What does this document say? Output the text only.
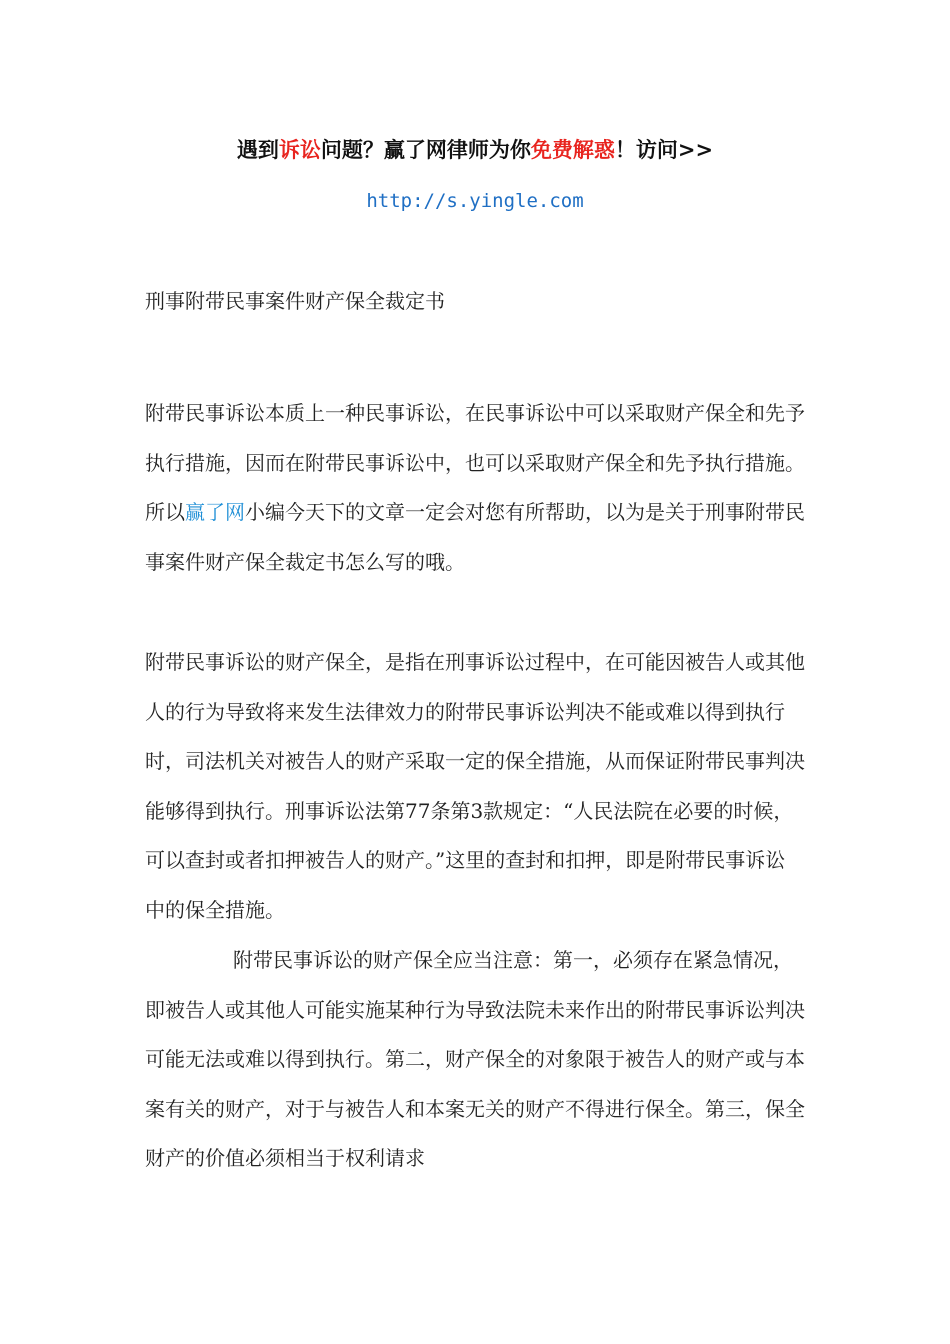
遇到诉讼问题？赢了网律师为你免费解惑！访问>>
http://s.yingle.com
刑事附带民事案件财产保全裁定书

附带民事诉讼本质上一种民事诉讼，在民事诉讼中可以采取财产保全和先予执行措施，因而在附带民事诉讼中，也可以采取财产保全和先予执行措施。所以赢了网小编今天下的文章一定会对您有所帮助，以为是关于刑事附带民事案件财产保全裁定书怎么写的哦。

附带民事诉讼的财产保全，是指在刑事诉讼过程中，在可能因被告人或其他人的行为导致将来发生法律效力的附带民事诉讼判决不能或难以得到执行时，司法机关对被告人的财产采取一定的保全措施，从而保证附带民事判决能够得到执行。刑事诉讼法第77条第3款规定：“人民法院在必要的时候，可以查封或者扣押被告人的财产。”这里的查封和扣押，即是附带民事诉讼中的保全措施。

附带民事诉讼的财产保全应当注意：第一，必须存在紧急情况，即被告人或其他人可能实施某种行为导致法院未来作出的附带民事诉讼判决可能无法或难以得到执行。第二，财产保全的对象限于被告人的财产或与本案有关的财产，对于与被告人和本案无关的财产不得进行保全。第三，保全财产的价值必须相当于权利请求
